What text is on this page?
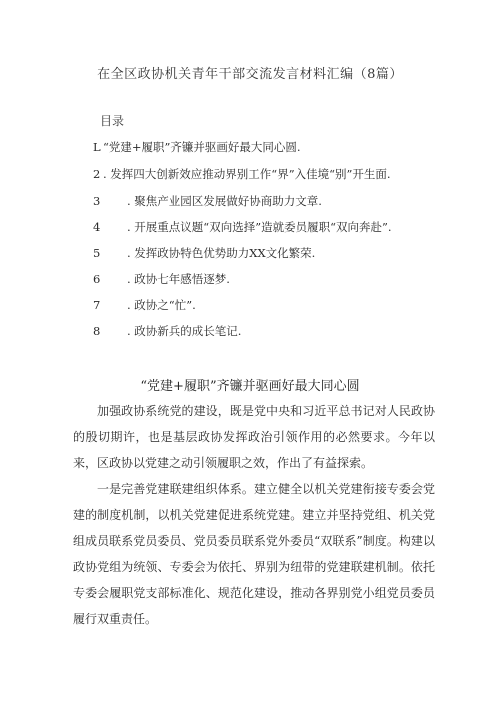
在全区政协机关青年干部交流发言材料汇编（8篇）
目录
L “党建+履职”齐镰并驱画好最大同心圆.
2 . 发挥四大创新效应推动界别工作“界”入佳境“别”开生面.
3 . 聚焦产业园区发展做好协商助力文章.
4 . 开展重点议题“双向选择”造就委员履职“双向奔赴”.
5 . 发挥政协特色优势助力XX文化繁荣.
6 . 政协七年感悟逐梦.
7 . 政协之“忙”.
8 . 政协新兵的成长笔记.
“党建+履职”齐镰并驱画好最大同心圆
加强政协系统党的建设，既是党中央和习近平总书记对人民政协的殷切期许，也是基层政协发挥政治引领作用的必然要求。今年以来，区政协以党建之动引领履职之效，作出了有益探索。
一是完善党建联建组织体系。建立健全以机关党建衔接专委会党建的制度机制，以机关党建促进系统党建。建立并坚持党组、机关党组成员联系党员委员、党员委员联系党外委员“双联系”制度。构建以政协党组为统领、专委会为依托、界别为纽带的党建联建机制。依托专委会履职党支部标准化、规范化建设，推动各界别党小组党员委员履行双重责任。
